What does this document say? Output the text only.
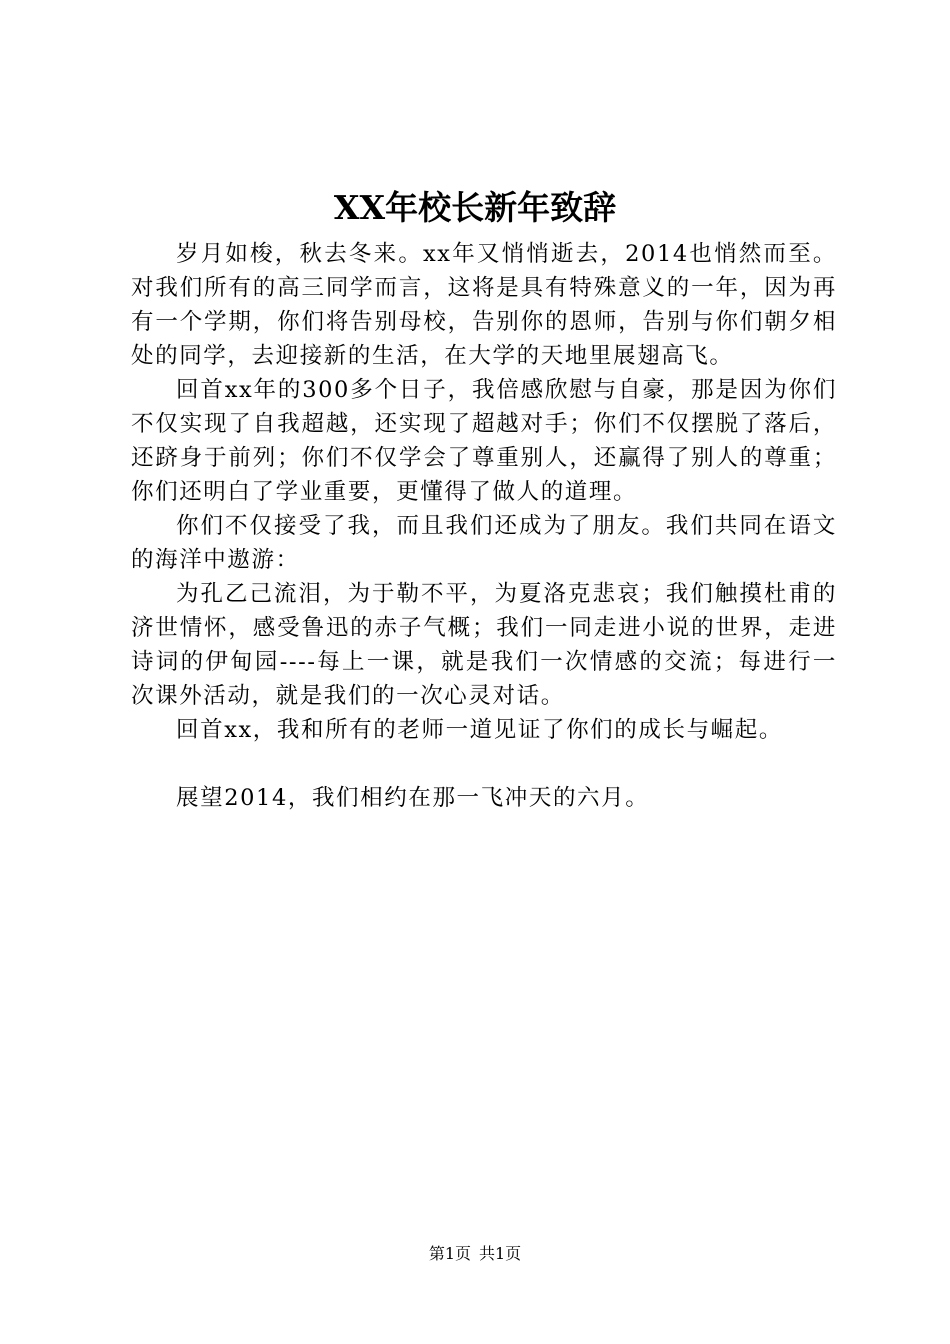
XX年校长新年致辞

岁月如梭，秋去冬来。xx年又悄悄逝去，2014也悄然而至。对我们所有的高三同学而言，这将是具有特殊意义的一年，因为再有一个学期，你们将告别母校，告别你的恩师，告别与你们朝夕相处的同学，去迎接新的生活，在大学的天地里展翅高飞。

回首xx年的300多个日子，我倍感欣慰与自豪，那是因为你们不仅实现了自我超越，还实现了超越对手；你们不仅摆脱了落后，还跻身于前列；你们不仅学会了尊重别人，还赢得了别人的尊重；你们还明白了学业重要，更懂得了做人的道理。

你们不仅接受了我，而且我们还成为了朋友。我们共同在语文的海洋中遨游：

为孔乙己流泪，为于勒不平，为夏洛克悲哀；我们触摸杜甫的济世情怀，感受鲁迅的赤子气概；我们一同走进小说的世界，走进诗词的伊甸园----每上一课，就是我们一次情感的交流；每进行一次课外活动，就是我们的一次心灵对话。

回首xx，我和所有的老师一道见证了你们的成长与崛起。

展望2014，我们相约在那一飞冲天的六月。

第1页 共1页
